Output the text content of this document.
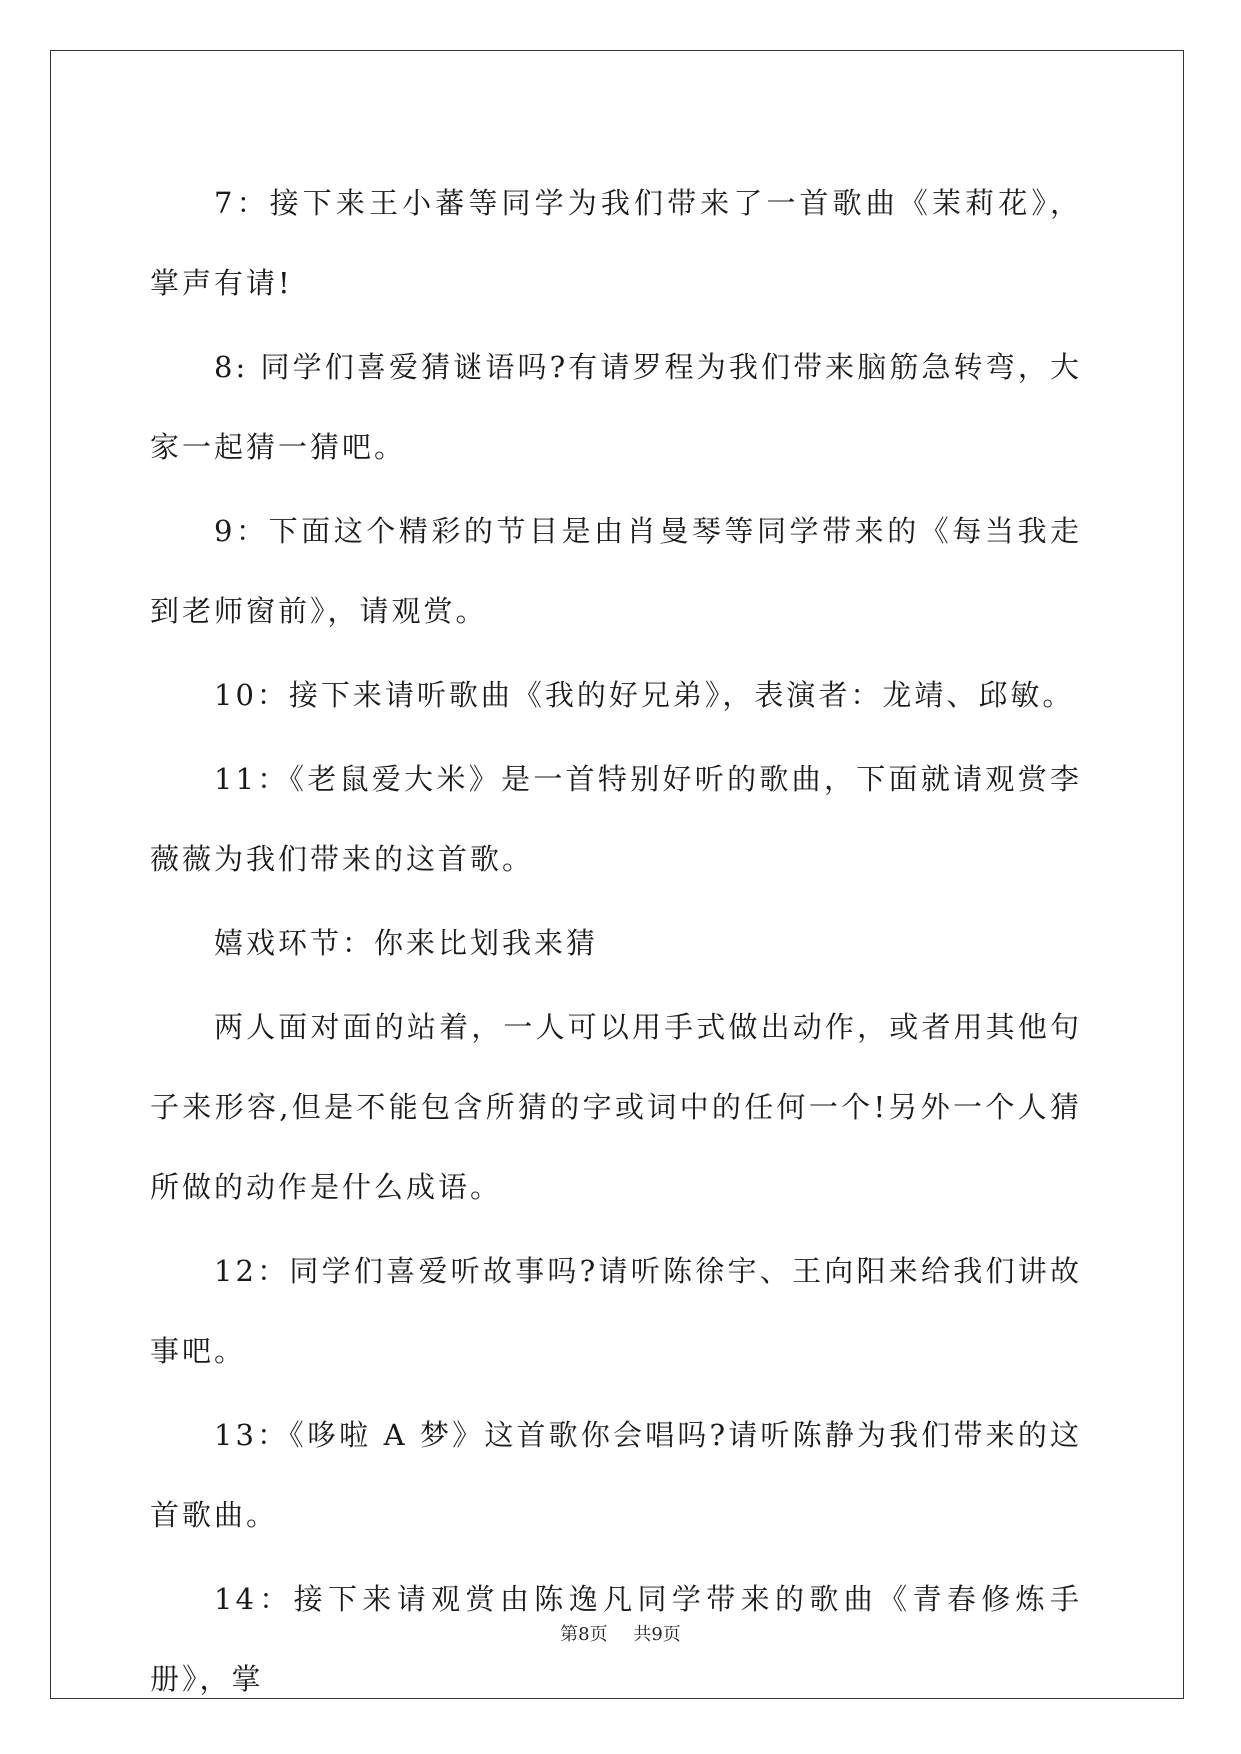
7：接下来王小蕃等同学为我们带来了一首歌曲《茉莉花》， 掌声有请!

8: 同学们喜爱猜谜语吗?有请罗程为我们带来脑筋急转弯，大家一起猜一猜吧。

9：下面这个精彩的节目是由肖曼琴等同学带来的《每当我走到老师窗前》，请观赏。

10：接下来请听歌曲《我的好兄弟》，表演者：龙靖、邱敏。

11：《老鼠爱大米》是一首特别好听的歌曲，下面就请观赏李薇薇为我们带来的这首歌。

嬉戏环节：你来比划我来猜

两人面对面的站着，一人可以用手式做出动作，或者用其他句子来形容,但是不能包含所猜的字或词中的任何一个!另外一个人猜所做的动作是什么成语。

12：同学们喜爱听故事吗?请听陈徐宇、王向阳来给我们讲故事吧。

13：《哆啦 A 梦》这首歌你会唱吗?请听陈静为我们带来的这首歌曲。

14：接下来请观赏由陈逸凡同学带来的歌曲《青春修炼手册》，掌

第8页 共9页
